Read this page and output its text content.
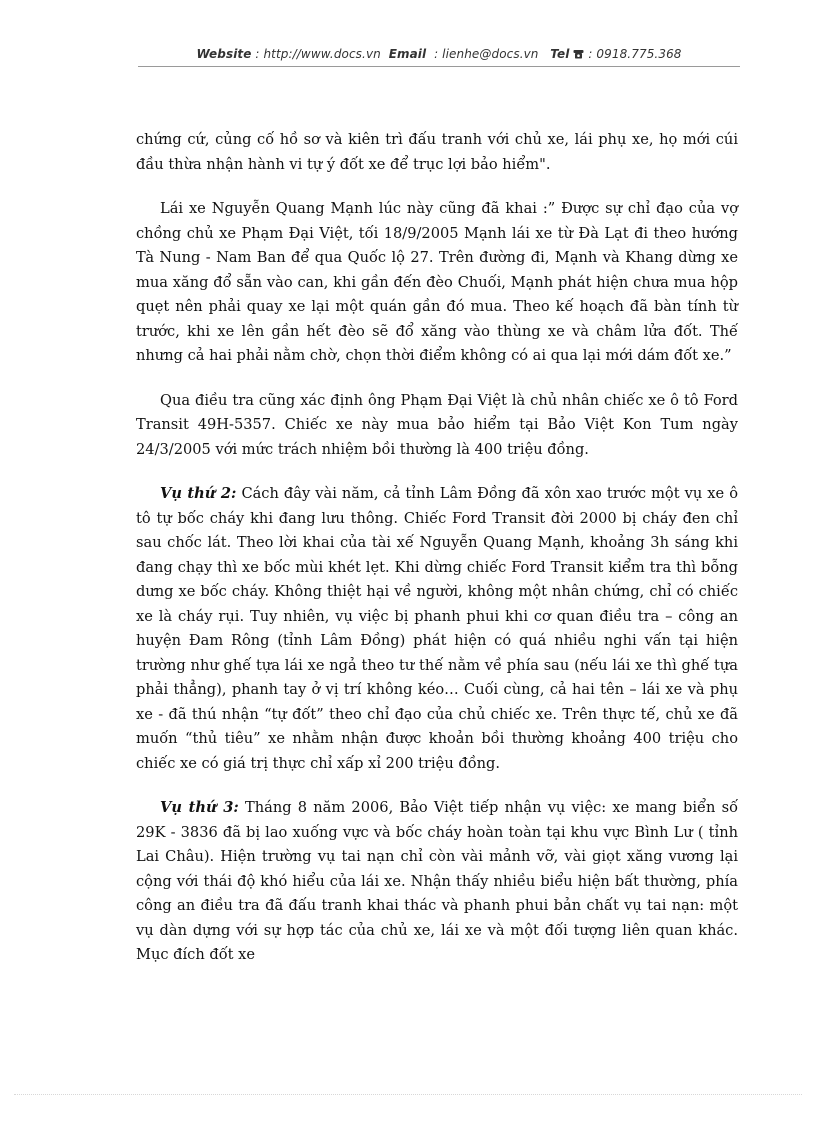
Website : http://www.docs.vn Email : lienhe@docs.vn Tel : 0918.775.368

chứng cứ, củng cố hồ sơ và kiên trì đấu tranh với chủ xe, lái phụ xe, họ mới cúi đầu thừa nhận hành vi tự ý đốt xe để trục lợi bảo hiểm".

Lái xe Nguyễn Quang Mạnh lúc này cũng đã khai :” Được sự chỉ đạo của vợ chồng chủ xe Phạm Đại Việt, tối 18/9/2005 Mạnh lái xe từ Đà Lạt đi theo hướng Tà Nung - Nam Ban để qua Quốc lộ 27. Trên đường đi, Mạnh và Khang dừng xe mua xăng đổ sẵn vào can, khi gần đến đèo Chuối, Mạnh phát hiện chưa mua hộp quẹt nên phải quay xe lại một quán gần đó mua. Theo kế hoạch đã bàn tính từ trước, khi xe lên gần hết đèo sẽ đổ xăng vào thùng xe và châm lửa đốt. Thế nhưng cả hai phải nằm chờ, chọn thời điểm không có ai qua lại mới dám đốt xe.”

Qua điều tra cũng xác định ông Phạm Đại Việt là chủ nhân chiếc xe ô tô Ford Transit 49H-5357. Chiếc xe này mua bảo hiểm tại Bảo Việt Kon Tum ngày 24/3/2005 với mức trách nhiệm bồi thường là 400 triệu đồng.

Vụ thứ 2: Cách đây vài năm, cả tỉnh Lâm Đồng đã xôn xao trước một vụ xe ô tô tự bốc cháy khi đang lưu thông. Chiếc Ford Transit đời 2000 bị cháy đen chỉ sau chốc lát. Theo lời khai của tài xế Nguyễn Quang Mạnh, khoảng 3h sáng khi đang chạy thì xe bốc mùi khét lẹt. Khi dừng chiếc Ford Transit kiểm tra thì bỗng dưng xe bốc cháy. Không thiệt hại về người, không một nhân chứng, chỉ có chiếc xe là cháy rụi. Tuy nhiên, vụ việc bị phanh phui khi cơ quan điều tra – công an huyện Đam Rông (tỉnh Lâm Đồng) phát hiện có quá nhiều nghi vấn tại hiện trường như ghế tựa lái xe ngả theo tư thế nằm về phía sau (nếu lái xe thì ghế tựa phải thẳng), phanh tay ở vị trí không kéo… Cuối cùng, cả hai tên – lái xe và phụ xe - đã thú nhận “tự đốt” theo chỉ đạo của chủ chiếc xe. Trên thực tế, chủ xe đã muốn “thủ tiêu” xe nhằm nhận được khoản bồi thường khoảng 400 triệu cho chiếc xe có giá trị thực chỉ xấp xỉ 200 triệu đồng.

Vụ thứ 3: Tháng 8 năm 2006, Bảo Việt tiếp nhận vụ việc: xe mang biển số 29K - 3836 đã bị lao xuống vực và bốc cháy hoàn toàn tại khu vực Bình Lư ( tỉnh Lai Châu). Hiện trường vụ tai nạn chỉ còn vài mảnh vỡ, vài giọt xăng vương lại cộng với thái độ khó hiểu của lái xe. Nhận thấy nhiều biểu hiện bất thường, phía công an điều tra đã đấu tranh khai thác và phanh phui bản chất vụ tai nạn: một vụ dàn dựng với sự hợp tác của chủ xe, lái xe và một đối tượng liên quan khác. Mục đích đốt xe
